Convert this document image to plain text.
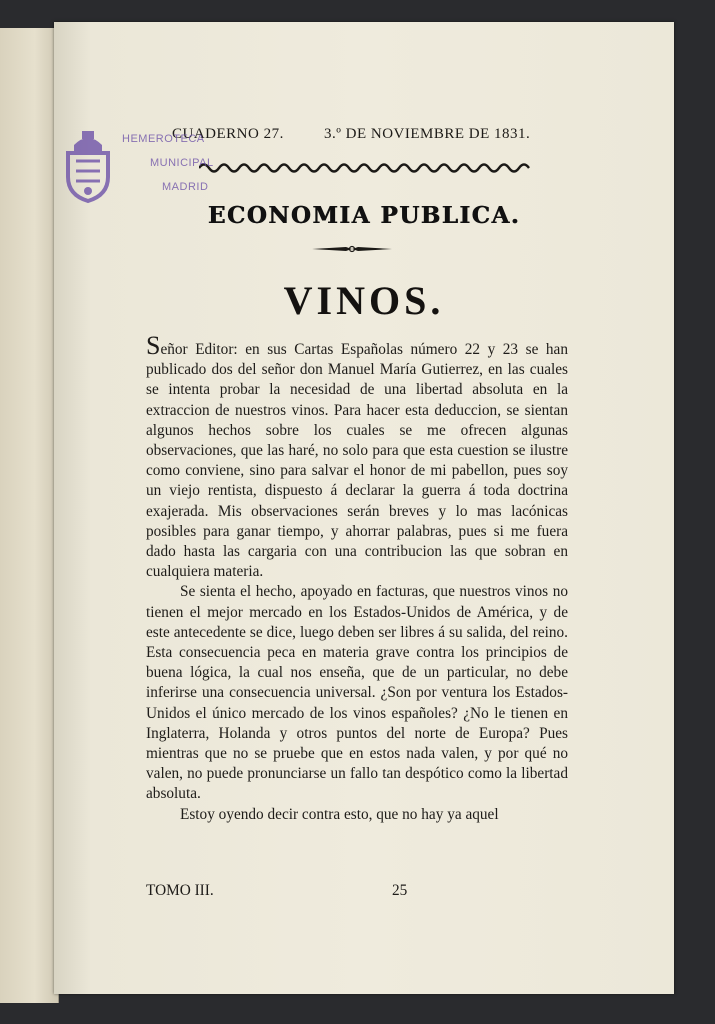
CUADERNO 27.	3.º DE NOVIEMBRE DE 1831.
HEMEROTECA
MUNICIPAL
MADRID
ECONOMIA PUBLICA.
VINOS.

Señor Editor: en sus Cartas Españolas número 22 y 23 se han publicado dos del señor don Manuel María Gutierrez, en las cuales se intenta probar la necesidad de una libertad absoluta en la extraccion de nuestros vinos. Para hacer esta deduccion, se sientan algunos hechos sobre los cuales se me ofrecen algunas observaciones, que las haré, no solo para que esta cuestion se ilustre como conviene, sino para salvar el honor de mi pabellon, pues soy un viejo rentista, dispuesto á declarar la guerra á toda doctrina exajerada. Mis observaciones serán breves y lo mas lacónicas posibles para ganar tiempo, y ahorrar palabras, pues si me fuera dado hasta las cargaria con una contribucion las que sobran en cualquiera materia.

Se sienta el hecho, apoyado en facturas, que nuestros vinos no tienen el mejor mercado en los Estados-Unidos de América, y de este antecedente se dice, luego deben ser libres á su salida, del reino. Esta consecuencia peca en materia grave contra los principios de buena lógica, la cual nos enseña, que de un particular, no debe inferirse una consecuencia universal. ¿Son por ventura los Estados-Unidos el único mercado de los vinos españoles? ¿No le tienen en Inglaterra, Holanda y otros puntos del norte de Europa? Pues mientras que no se pruebe que en estos nada valen, y por qué no valen, no puede pronunciarse un fallo tan despótico como la libertad absoluta.

Estoy oyendo decir contra esto, que no hay ya aquel

TOMO III.	25
